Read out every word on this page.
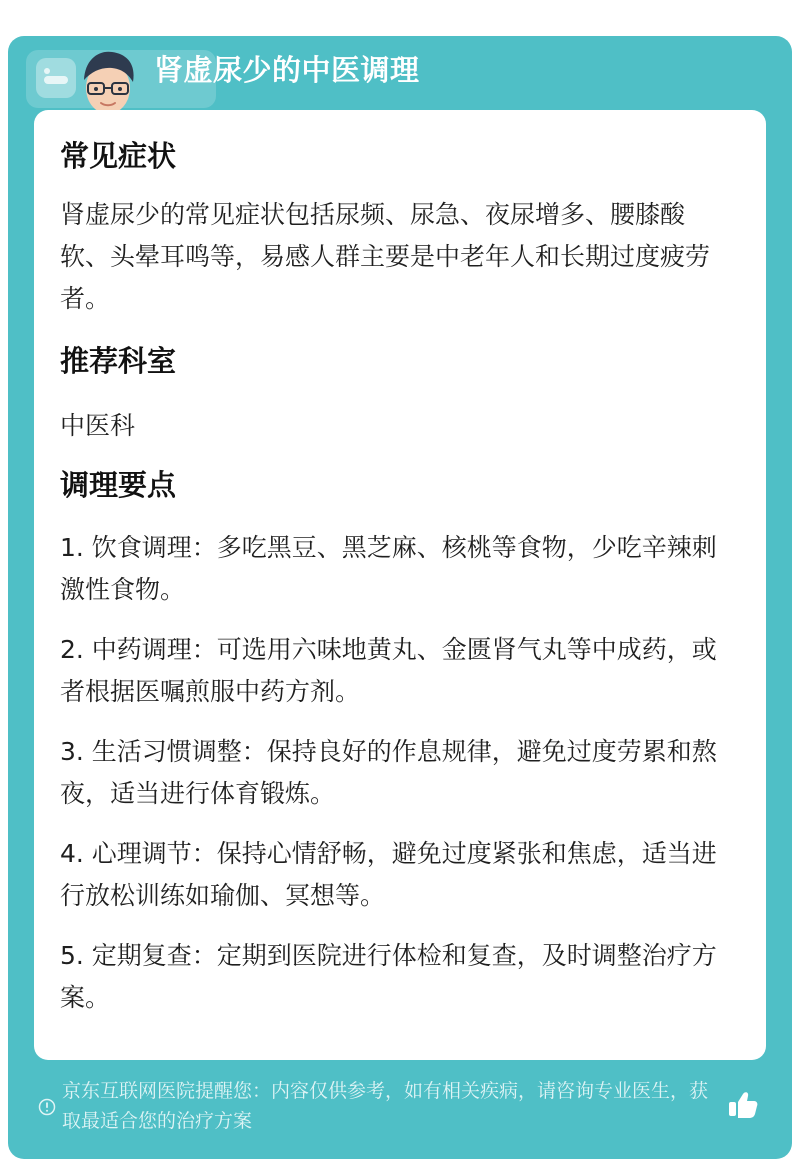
肾虚尿少的中医调理
常见症状

肾虚尿少的常见症状包括尿频、尿急、夜尿增多、腰膝酸软、头晕耳鸣等，易感人群主要是中老年人和长期过度疲劳者。

推荐科室

中医科

调理要点

1. 饮食调理：多吃黑豆、黑芝麻、核桃等食物，少吃辛辣刺激性食物。

2. 中药调理：可选用六味地黄丸、金匮肾气丸等中成药，或者根据医嘱煎服中药方剂。

3. 生活习惯调整：保持良好的作息规律，避免过度劳累和熬夜，适当进行体育锻炼。

4. 心理调节：保持心情舒畅，避免过度紧张和焦虑，适当进行放松训练如瑜伽、冥想等。

5. 定期复查：定期到医院进行体检和复查，及时调整治疗方案。

京东互联网医院提醒您：内容仅供参考，如有相关疾病，请咨询专业医生，获取最适合您的治疗方案
